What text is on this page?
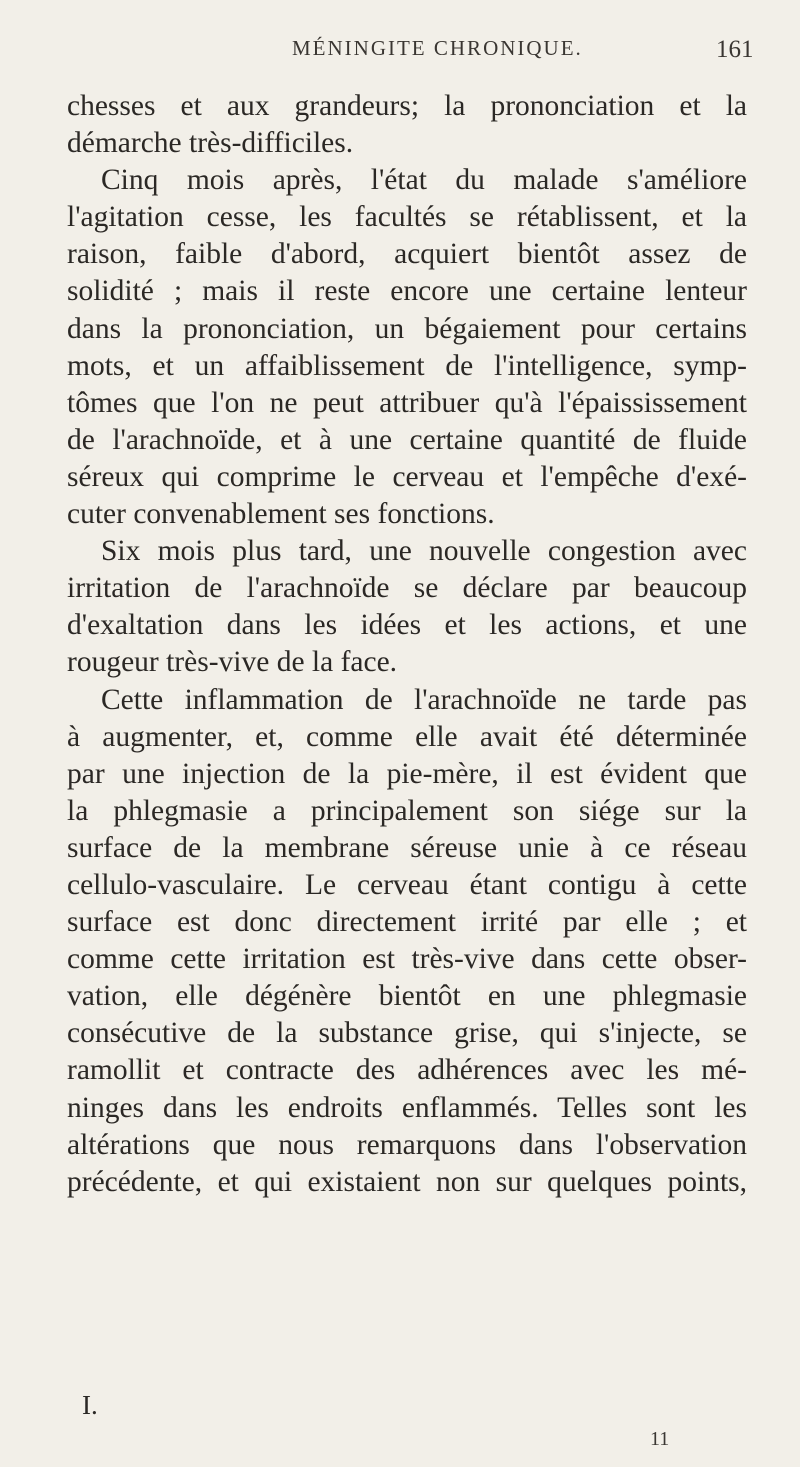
MÉNINGITE CHRONIQUE.	161
chesses et aux grandeurs; la prononciation et la
démarche très-difficiles.
Cinq mois après, l'état du malade s'améliore
l'agitation cesse, les facultés se rétablissent, et la
raison, faible d'abord, acquiert bientôt assez de
solidité ; mais il reste encore une certaine lenteur
dans la prononciation, un bégaiement pour certains
mots, et un affaiblissement de l'intelligence, symp-
tômes que l'on ne peut attribuer qu'à l'épaississement
de l'arachnoïde, et à une certaine quantité de fluide
séreux qui comprime le cerveau et l'empêche d'exé-
cuter convenablement ses fonctions.
Six mois plus tard, une nouvelle congestion avec
irritation de l'arachnoïde se déclare par beaucoup
d'exaltation dans les idées et les actions, et une
rougeur très-vive de la face.
Cette inflammation de l'arachnoïde ne tarde pas
à augmenter, et, comme elle avait été déterminée
par une injection de la pie-mère, il est évident que
la phlegmasie a principalement son siége sur la
surface de la membrane séreuse unie à ce réseau
cellulo-vasculaire. Le cerveau étant contigu à cette
surface est donc directement irrité par elle ; et
comme cette irritation est très-vive dans cette obser-
vation, elle dégénère bientôt en une phlegmasie
consécutive de la substance grise, qui s'injecte, se
ramollit et contracte des adhérences avec les mé-
ninges dans les endroits enflammés. Telles sont les
altérations que nous remarquons dans l'observation
précédente, et qui existaient non sur quelques points,
I.
11
